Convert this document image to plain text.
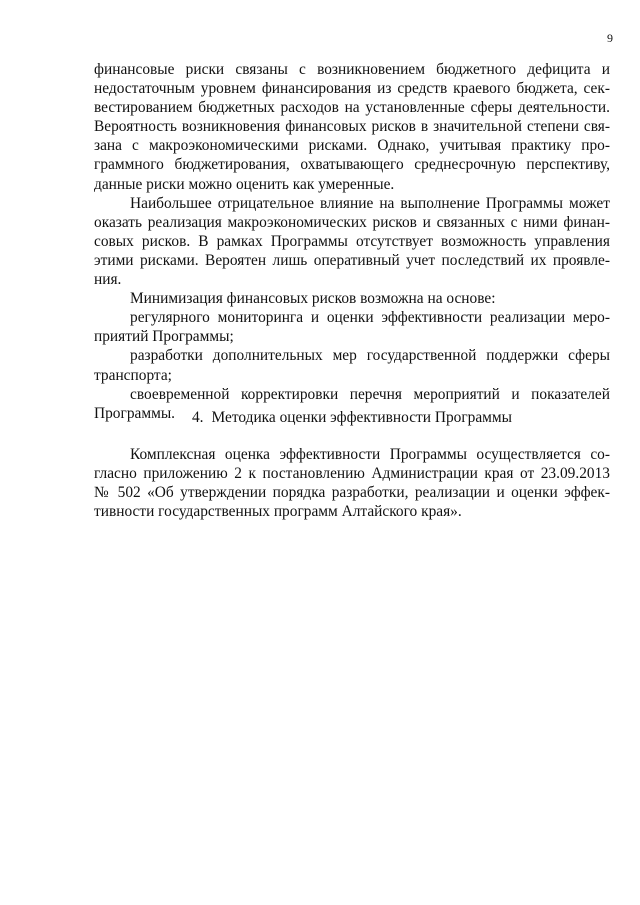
9

финансовые риски связаны с возникновением бюджетного дефицита и
недостаточным уровнем финансирования из средств краевого бюджета, сек-
вестированием бюджетных расходов на установленные сферы деятельности.
Вероятность возникновения финансовых рисков в значительной степени свя-
зана с макроэкономическими рисками. Однако, учитывая практику про-
граммного бюджетирования, охватывающего среднесрочную перспективу,
данные риски можно оценить как умеренные.

Наибольшее отрицательное влияние на выполнение Программы может
оказать реализация макроэкономических рисков и связанных с ними финан-
совых рисков. В рамках Программы отсутствует возможность управления
этими рисками. Вероятен лишь оперативный учет последствий их проявле-
ния.

Минимизация финансовых рисков возможна на основе:

регулярного мониторинга и оценки эффективности реализации меро-
приятий Программы;

разработки дополнительных мер государственной поддержки сферы
транспорта;

своевременной корректировки перечня мероприятий и показателей
Программы.	4. Методика оценки эффективности Программы

Комплексная оценка эффективности Программы осуществляется со-
гласно приложению 2 к постановлению Администрации края от 23.09.2013
№ 502 «Об утверждении порядка разработки, реализации и оценки эффек-
тивности государственных программ Алтайского края».
